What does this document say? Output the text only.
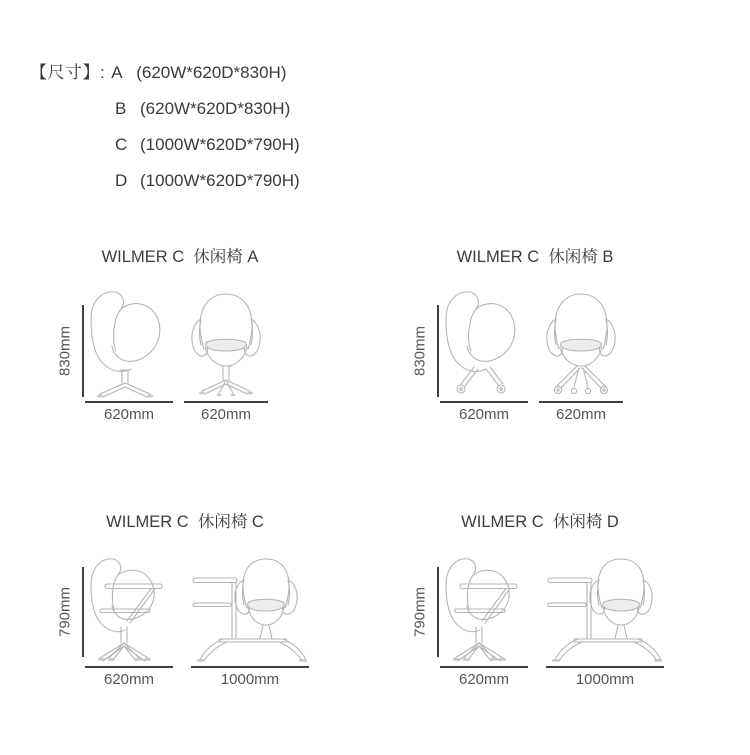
【尺寸】: A (620W*620D*830H)
B (620W*620D*830H)
C (1000W*620D*790H)
D (1000W*620D*790H)
WILMER C  休闲椅 A
830mm
620mm	620mm
WILMER C  休闲椅 B
830mm
620mm	620mm
WILMER C  休闲椅 C
790mm
620mm	1000mm
WILMER C  休闲椅 D
790mm
620mm	1000mm
